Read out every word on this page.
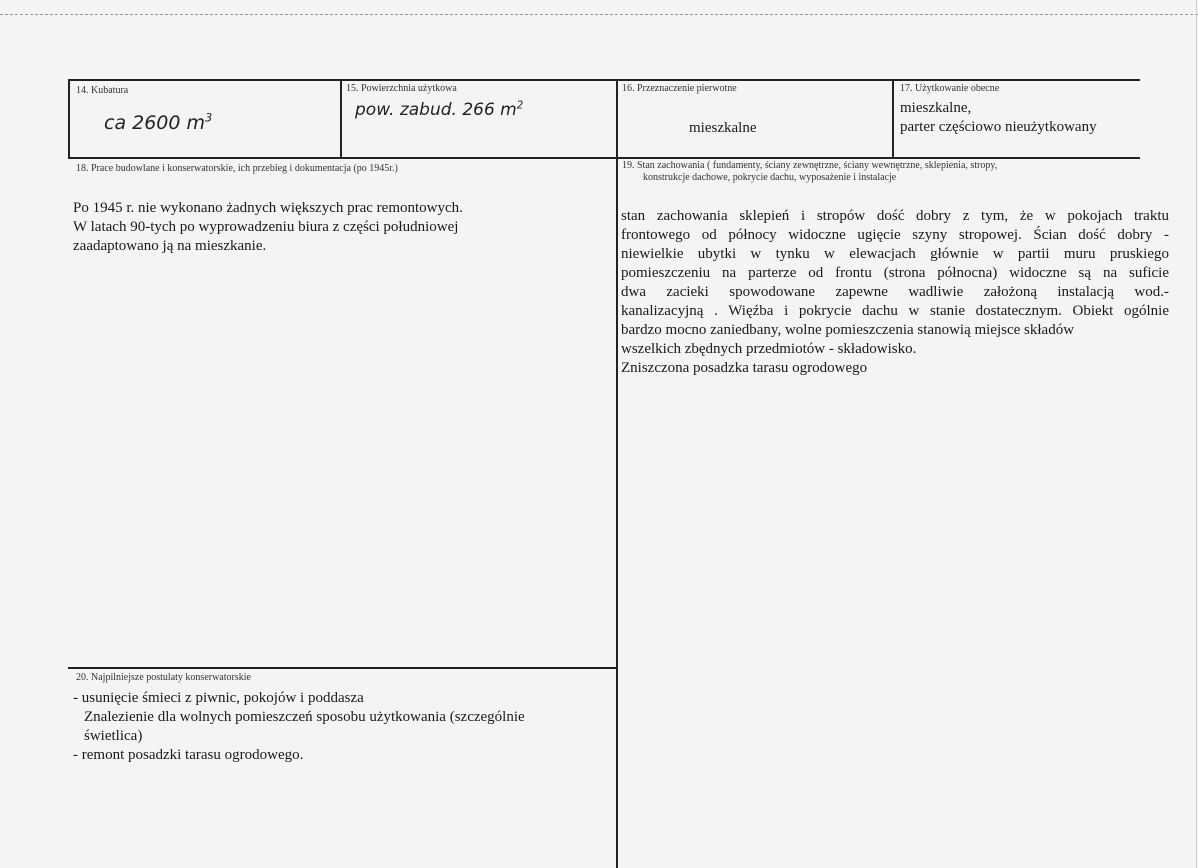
14. Kubatura
ca 2600 $m^3$
15. Powierzchnia użytkowa
pow. zabud. 266 $m^2$
16. Przeznaczenie pierwotne
mieszkalne
17. Użytkowanie obecne
mieszkalne,
parter częściowo nieużytkowany
18. Prace budowlane i konserwatorskie, ich przebieg i dokumentacja (po 1945r.)
Po 1945 r. nie wykonano żadnych większych prac remontowych.
W latach 90-tych po wyprowadzeniu biura z części południowej
zaadaptowano ją na mieszkanie.
19. Stan zachowania ( fundamenty, ściany zewnętrzne, ściany wewnętrzne, sklepienia, stropy,
konstrukcje dachowe, pokrycie dachu, wyposażenie i instalacje
stan zachowania sklepień i stropów dość dobry z tym, że w pokojach traktu
frontowego od północy widoczne ugięcie szyny stropowej. Ścian dość dobry -
niewielkie ubytki w tynku w elewacjach głównie w partii muru pruskiego
pomieszczeniu na parterze od frontu (strona północna) widoczne są na suficie
dwa zacieki spowodowane zapewne wadliwie założoną instalacją wod.-
kanalizacyjną . Więźba i pokrycie dachu w stanie dostatecznym. Obiekt ogólnie
bardzo mocno zaniedbany, wolne pomieszczenia stanowią miejsce składów
wszelkich zbędnych przedmiotów - składowisko.
Zniszczona posadzka tarasu ogrodowego
20. Najpilniejsze postulaty konserwatorskie
- usunięcie śmieci z piwnic, pokojów i poddasza
Znalezienie dla wolnych pomieszczeń sposobu użytkowania (szczególnie
świetlica)
- remont posadzki tarasu ogrodowego.
